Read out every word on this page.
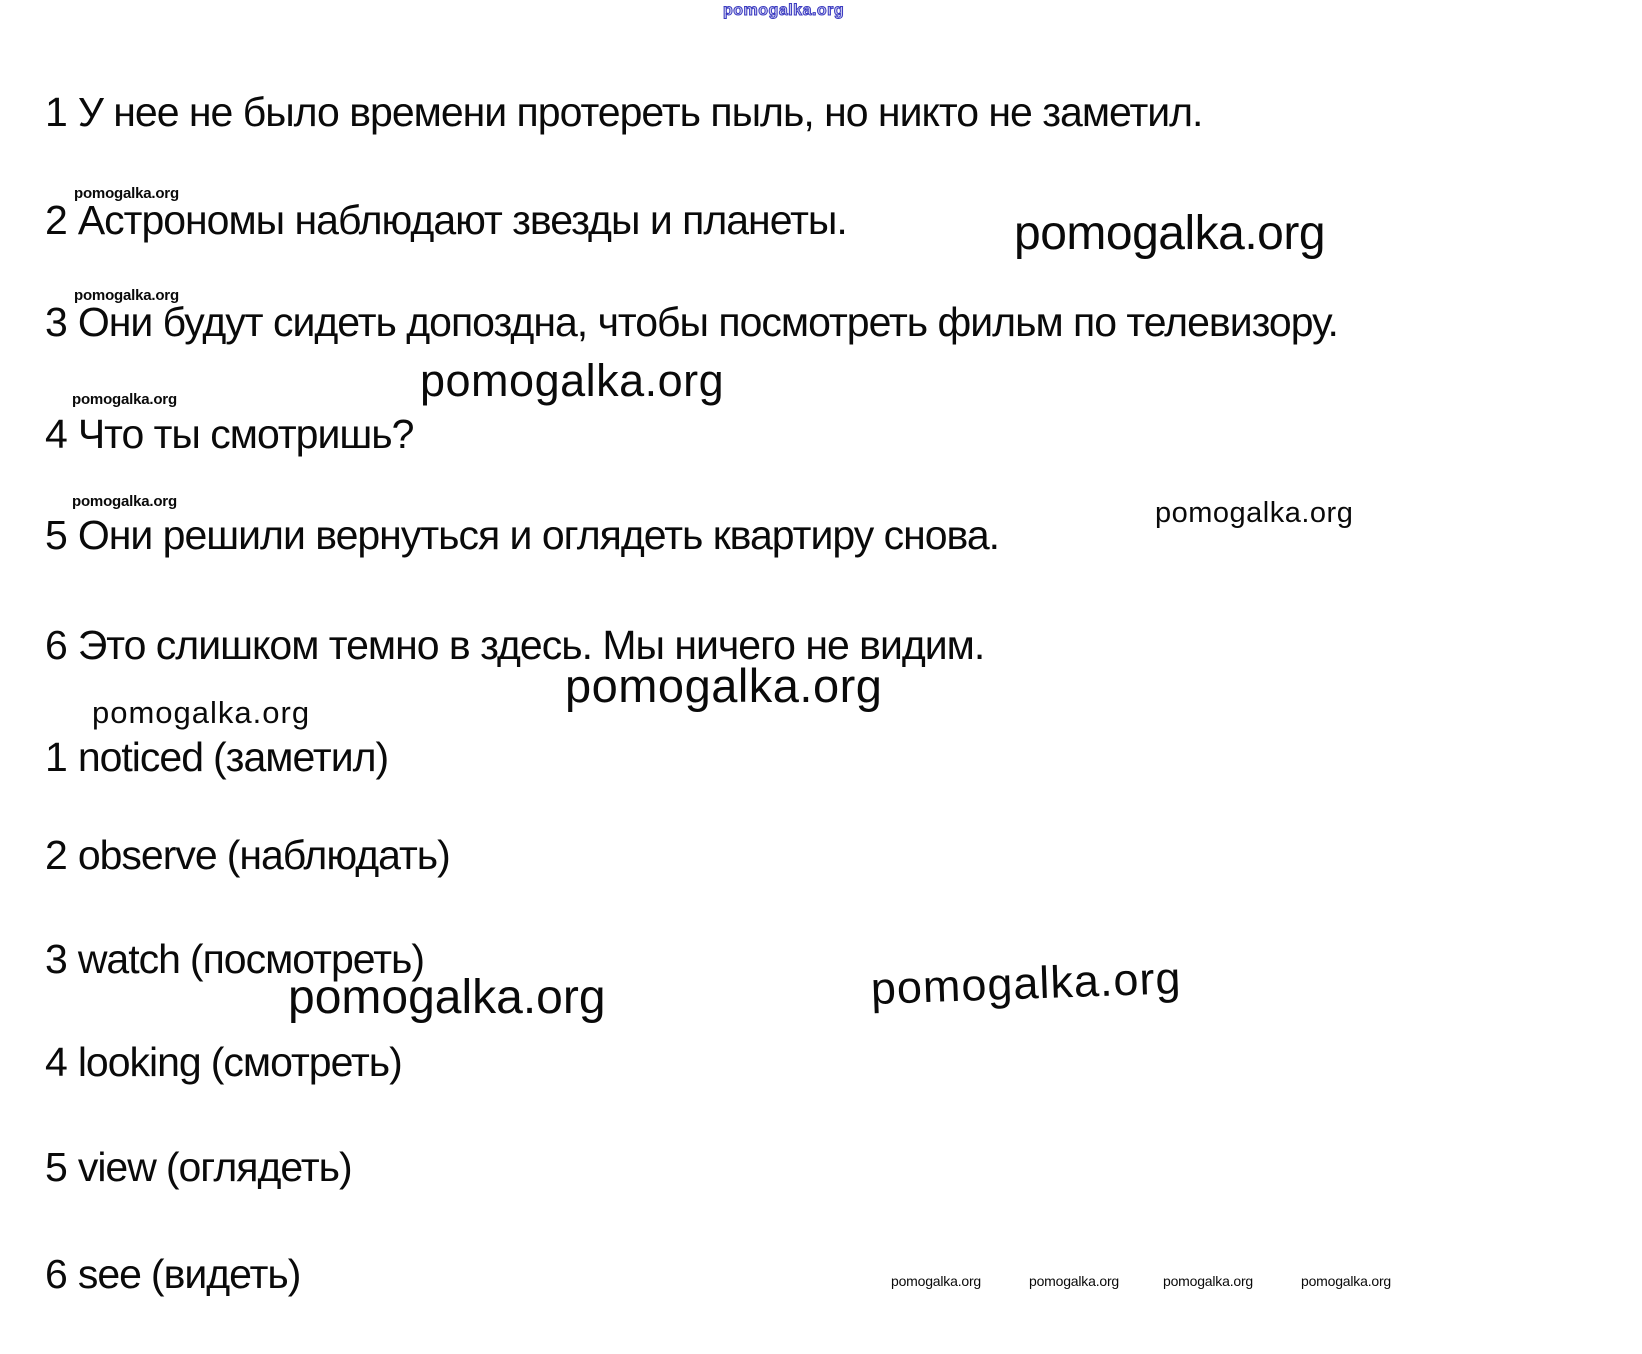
pomogalka.org
pomogalka.org
pomogalka.org
pomogalka.org
pomogalka.org
pomogalka.org
pomogalka.org	pomogalka.org
pomogalka.org
pomogalka.org
pomogalka.org	pomogalka.org
pomogalka.org	pomogalka.org	pomogalka.org	pomogalka.org
1 У нее не было времени протереть пыль, но никто не заметил.
2 Астрономы наблюдают звезды и планеты.
3 Они будут сидеть допоздна, чтобы посмотреть фильм по телевизору.
4 Что ты смотришь?
5 Они решили вернуться и оглядеть квартиру снова.
6 Это слишком темно в здесь. Мы ничего не видим.
1 noticed (заметил)
2 observe (наблюдать)
3 watch (посмотреть)
4 looking (смотреть)
5 view (оглядеть)
6 see (видеть)
